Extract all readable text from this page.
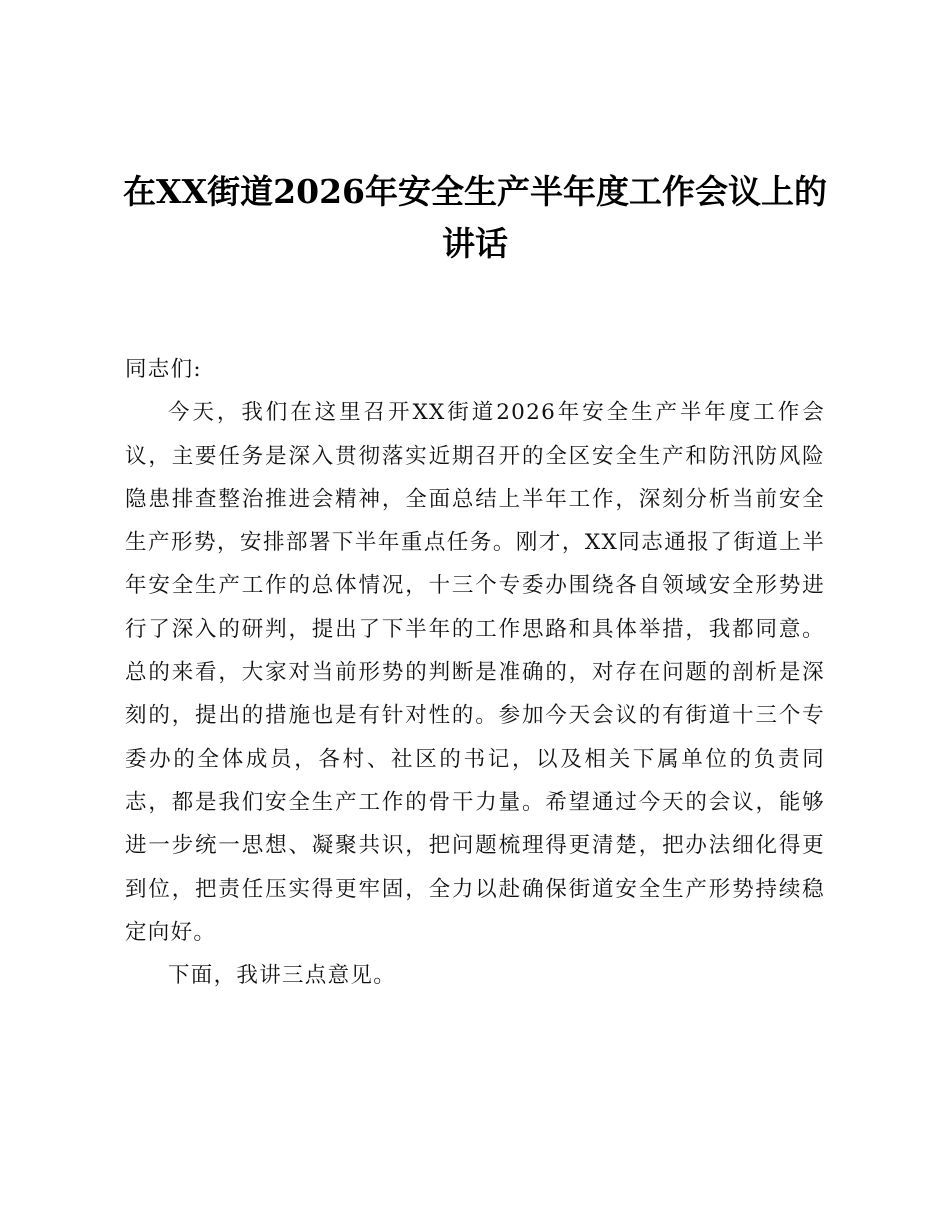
在XX街道2026年安全生产半年度工作会议上的讲话

同志们:

今天，我们在这里召开XX街道2026年安全生产半年度工作会议，主要任务是深入贯彻落实近期召开的全区安全生产和防汛防风险隐患排查整治推进会精神，全面总结上半年工作，深刻分析当前安全生产形势，安排部署下半年重点任务。刚才，XX同志通报了街道上半年安全生产工作的总体情况，十三个专委办围绕各自领域安全形势进行了深入的研判，提出了下半年的工作思路和具体举措，我都同意。总的来看，大家对当前形势的判断是准确的，对存在问题的剖析是深刻的，提出的措施也是有针对性的。参加今天会议的有街道十三个专委办的全体成员，各村、社区的书记，以及相关下属单位的负责同志，都是我们安全生产工作的骨干力量。希望通过今天的会议，能够进一步统一思想、凝聚共识，把问题梳理得更清楚，把办法细化得更到位，把责任压实得更牢固，全力以赴确保街道安全生产形势持续稳定向好。

下面，我讲三点意见。
